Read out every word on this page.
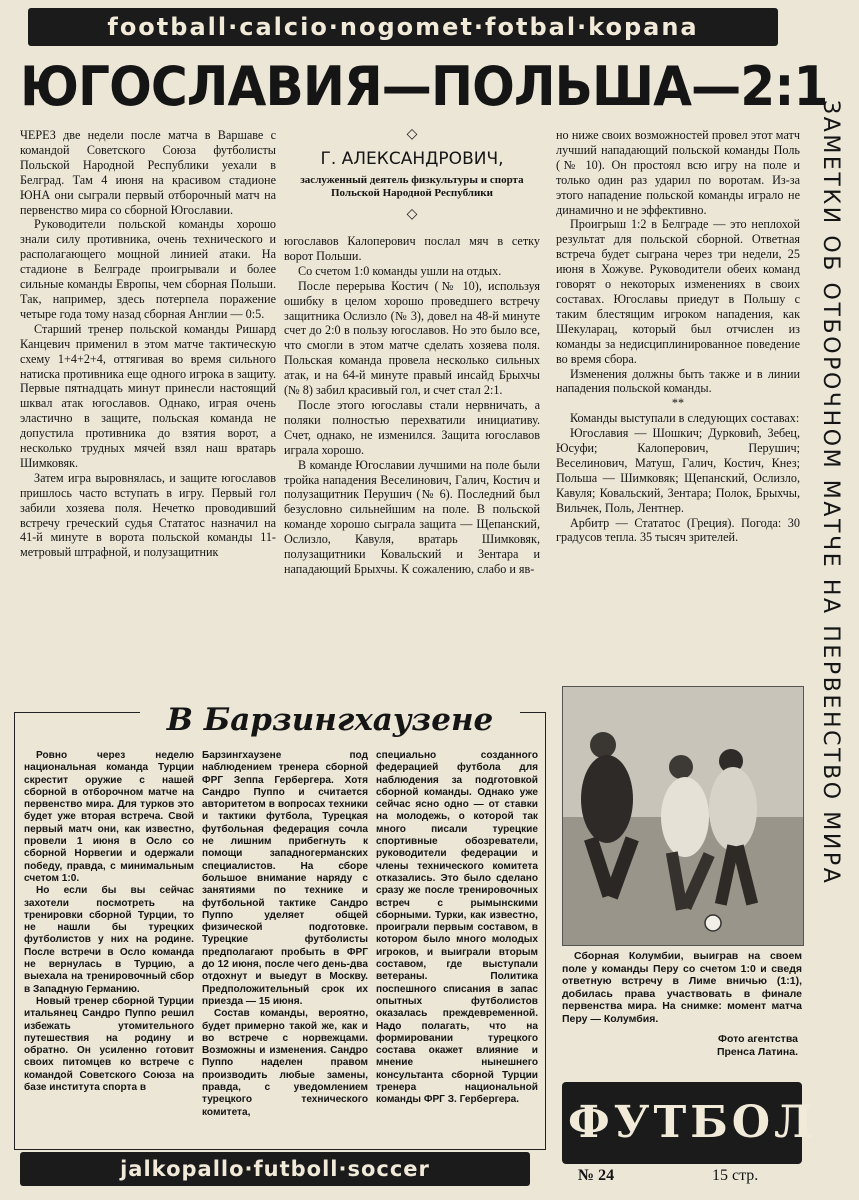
football·calcio·nogomet·fotbal·kopana
ЮГОСЛАВИЯ—ПОЛЬША—2:1

ЧЕРЕЗ две недели после матча в Варшаве с командой Советского Союза футболисты Польской Народной Республики уехали в Белград. Там 4 июня на красивом стадионе ЮНА они сыграли первый отборочный матч на первенство мира со сборной Югославии.

Руководители польской команды хорошо знали силу противника, очень технического и располагающего мощной линией атаки. На стадионе в Белграде проигрывали и более сильные команды Европы, чем сборная Польши. Так, например, здесь потерпела поражение четыре года тому назад сборная Англии — 0:5.

Старший тренер польской команды Ришард Канцевич применил в этом матче тактическую схему 1+4+2+4, оттягивая во время сильного натиска противника еще одного игрока в защиту. Первые пятнадцать минут принесли настоящий шквал атак югославов. Однако, играя очень эластично в защите, польская команда не допустила противника до взятия ворот, а несколько трудных мячей взял наш вратарь Шимковяк.

Затем игра выровнялась, и защите югославов пришлось часто вступать в игру. Первый гол забили хозяева поля. Нечетко проводивший встречу греческий судья Стататос назначил на 41-й минуте в ворота польской команды 11-метровый штрафной, и полузащитник

◇
Г. АЛЕКСАНДРОВИЧ,
заслуженный деятель физкультуры и спорта Польской Народной Республики
◇

югославов Калоперович послал мяч в сетку ворот Польши.

Со счетом 1:0 команды ушли на отдых.

После перерыва Костич (№ 10), используя ошибку в целом хорошо проведшего встречу защитника Ослизло (№ 3), довел на 48-й минуте счет до 2:0 в пользу югославов. Но это было все, что смогли в этом матче сделать хозяева поля. Польская команда провела несколько сильных атак, и на 64-й минуте правый инсайд Брыхчы (№ 8) забил красивый гол, и счет стал 2:1.

После этого югославы стали нервничать, а поляки полностью перехватили инициативу. Счет, однако, не изменился. Защита югославов играла хорошо.

В команде Югославии лучшими на поле были тройка нападения Веселинович, Галич, Костич и полузащитник Перушич (№ 6). Последний был безусловно сильнейшим на поле. В польской команде хорошо сыграла защита — Щепанский, Ослизло, Кавуля, вратарь Шимковяк, полузащитники Ковальский и Зентара и нападающий Брыхчы. К сожалению, слабо и яв-

но ниже своих возможностей провел этот матч лучший нападающий польской команды Поль (№ 10). Он простоял всю игру на поле и только один раз ударил по воротам. Из-за этого нападение польской команды играло не динамично и не эффективно.

Проигрыш 1:2 в Белграде — это неплохой результат для польской сборной. Ответная встреча будет сыграна через три недели, 25 июня в Хожуве. Руководители обеих команд говорят о некоторых изменениях в своих составах. Югославы приедут в Польшу с таким блестящим игроком нападения, как Шекуларац, который был отчислен из команды за недисциплинированное поведение во время сбора.

Изменения должны быть также и в линии нападения польской команды.

**

Команды выступали в следующих составах:

Югославия — Шошкич; Дурковић, Зебец, Юсуфи; Калоперович, Перушич; Веселинович, Матуш, Галич, Костич, Кнез; Польша — Шимковяк; Щепанский, Ослизло, Кавуля; Ковальский, Зентара; Полок, Брыхчы, Вильчек, Поль, Лентнер.

Арбитр — Стататос (Греция). Погода: 30 градусов тепла. 35 тысяч зрителей.	ЗАМЕТКИ ОБ ОТБОРОЧНОМ МАТЧЕ НА ПЕРВЕНСТВО МИРА
В Барзингхаузене

Ровно через неделю национальная команда Турции скрестит оружие с нашей сборной в отборочном матче на первенство мира. Для турков это будет уже вторая встреча. Свой первый матч они, как известно, провели 1 июня в Осло со сборной Норвегии и одержали победу, правда, с минимальным счетом 1:0.

Но если бы вы сейчас захотели посмотреть на тренировки сборной Турции, то не нашли бы турецких футболистов у них на родине. После встречи в Осло команда не вернулась в Турцию, а выехала на тренировочный сбор в Западную Германию.

Новый тренер сборной Турции итальянец Сандро Пуппо решил избежать утомительного путешествия на родину и обратно. Он усиленно готовит своих питомцев ко встрече с командой Советского Союза на базе института спорта в

Барзингхаузене под наблюдением тренера сборной ФРГ Зеппа Гербергера. Хотя Сандро Пуппо и считается авторитетом в вопросах техники и тактики футбола, Турецкая футбольная федерация сочла не лишним прибегнуть к помощи западногерманских специалистов. На сборе большое внимание наряду с занятиями по технике и футбольной тактике Сандро Пуппо уделяет общей физической подготовке. Турецкие футболисты предполагают пробыть в ФРГ до 12 июня, после чего день-два отдохнут и выедут в Москву. Предположительный срок их приезда — 15 июня.

Состав команды, вероятно, будет примерно такой же, как и во встрече с норвежцами. Возможны и изменения. Сандро Пуппо наделен правом производить любые замены, правда, с уведомлением турецкого технического комитета,

специально созданного федерацией футбола для наблюдения за подготовкой сборной команды. Однако уже сейчас ясно одно — от ставки на молодежь, о которой так много писали турецкие спортивные обозреватели, руководители федерации и члены технического комитета отказались. Это было сделано сразу же после тренировочных встреч с рымынскими сборными. Турки, как известно, проиграли первым составом, в котором было много молодых игроков, и выиграли вторым составом, где выступали ветераны. Политика поспешного списания в запас опытных футболистов оказалась преждевременной. Надо полагать, что на формировании турецкого состава окажет влияние и мнение нынешнего консультанта сборной Турции тренера национальной команды ФРГ З. Гербергера.

Сборная Колумбии, выиграв на своем поле у команды Перу со счетом 1:0 и сведя ответную встречу в Лиме вничью (1:1), добилась права участвовать в финале первенства мира. На снимке: момент матча Перу — Колумбия.

Фото агентства
Пренса Латина.
ФУТБОЛ
jalkopallo·futboll·soccer	№ 24	15 стр.
